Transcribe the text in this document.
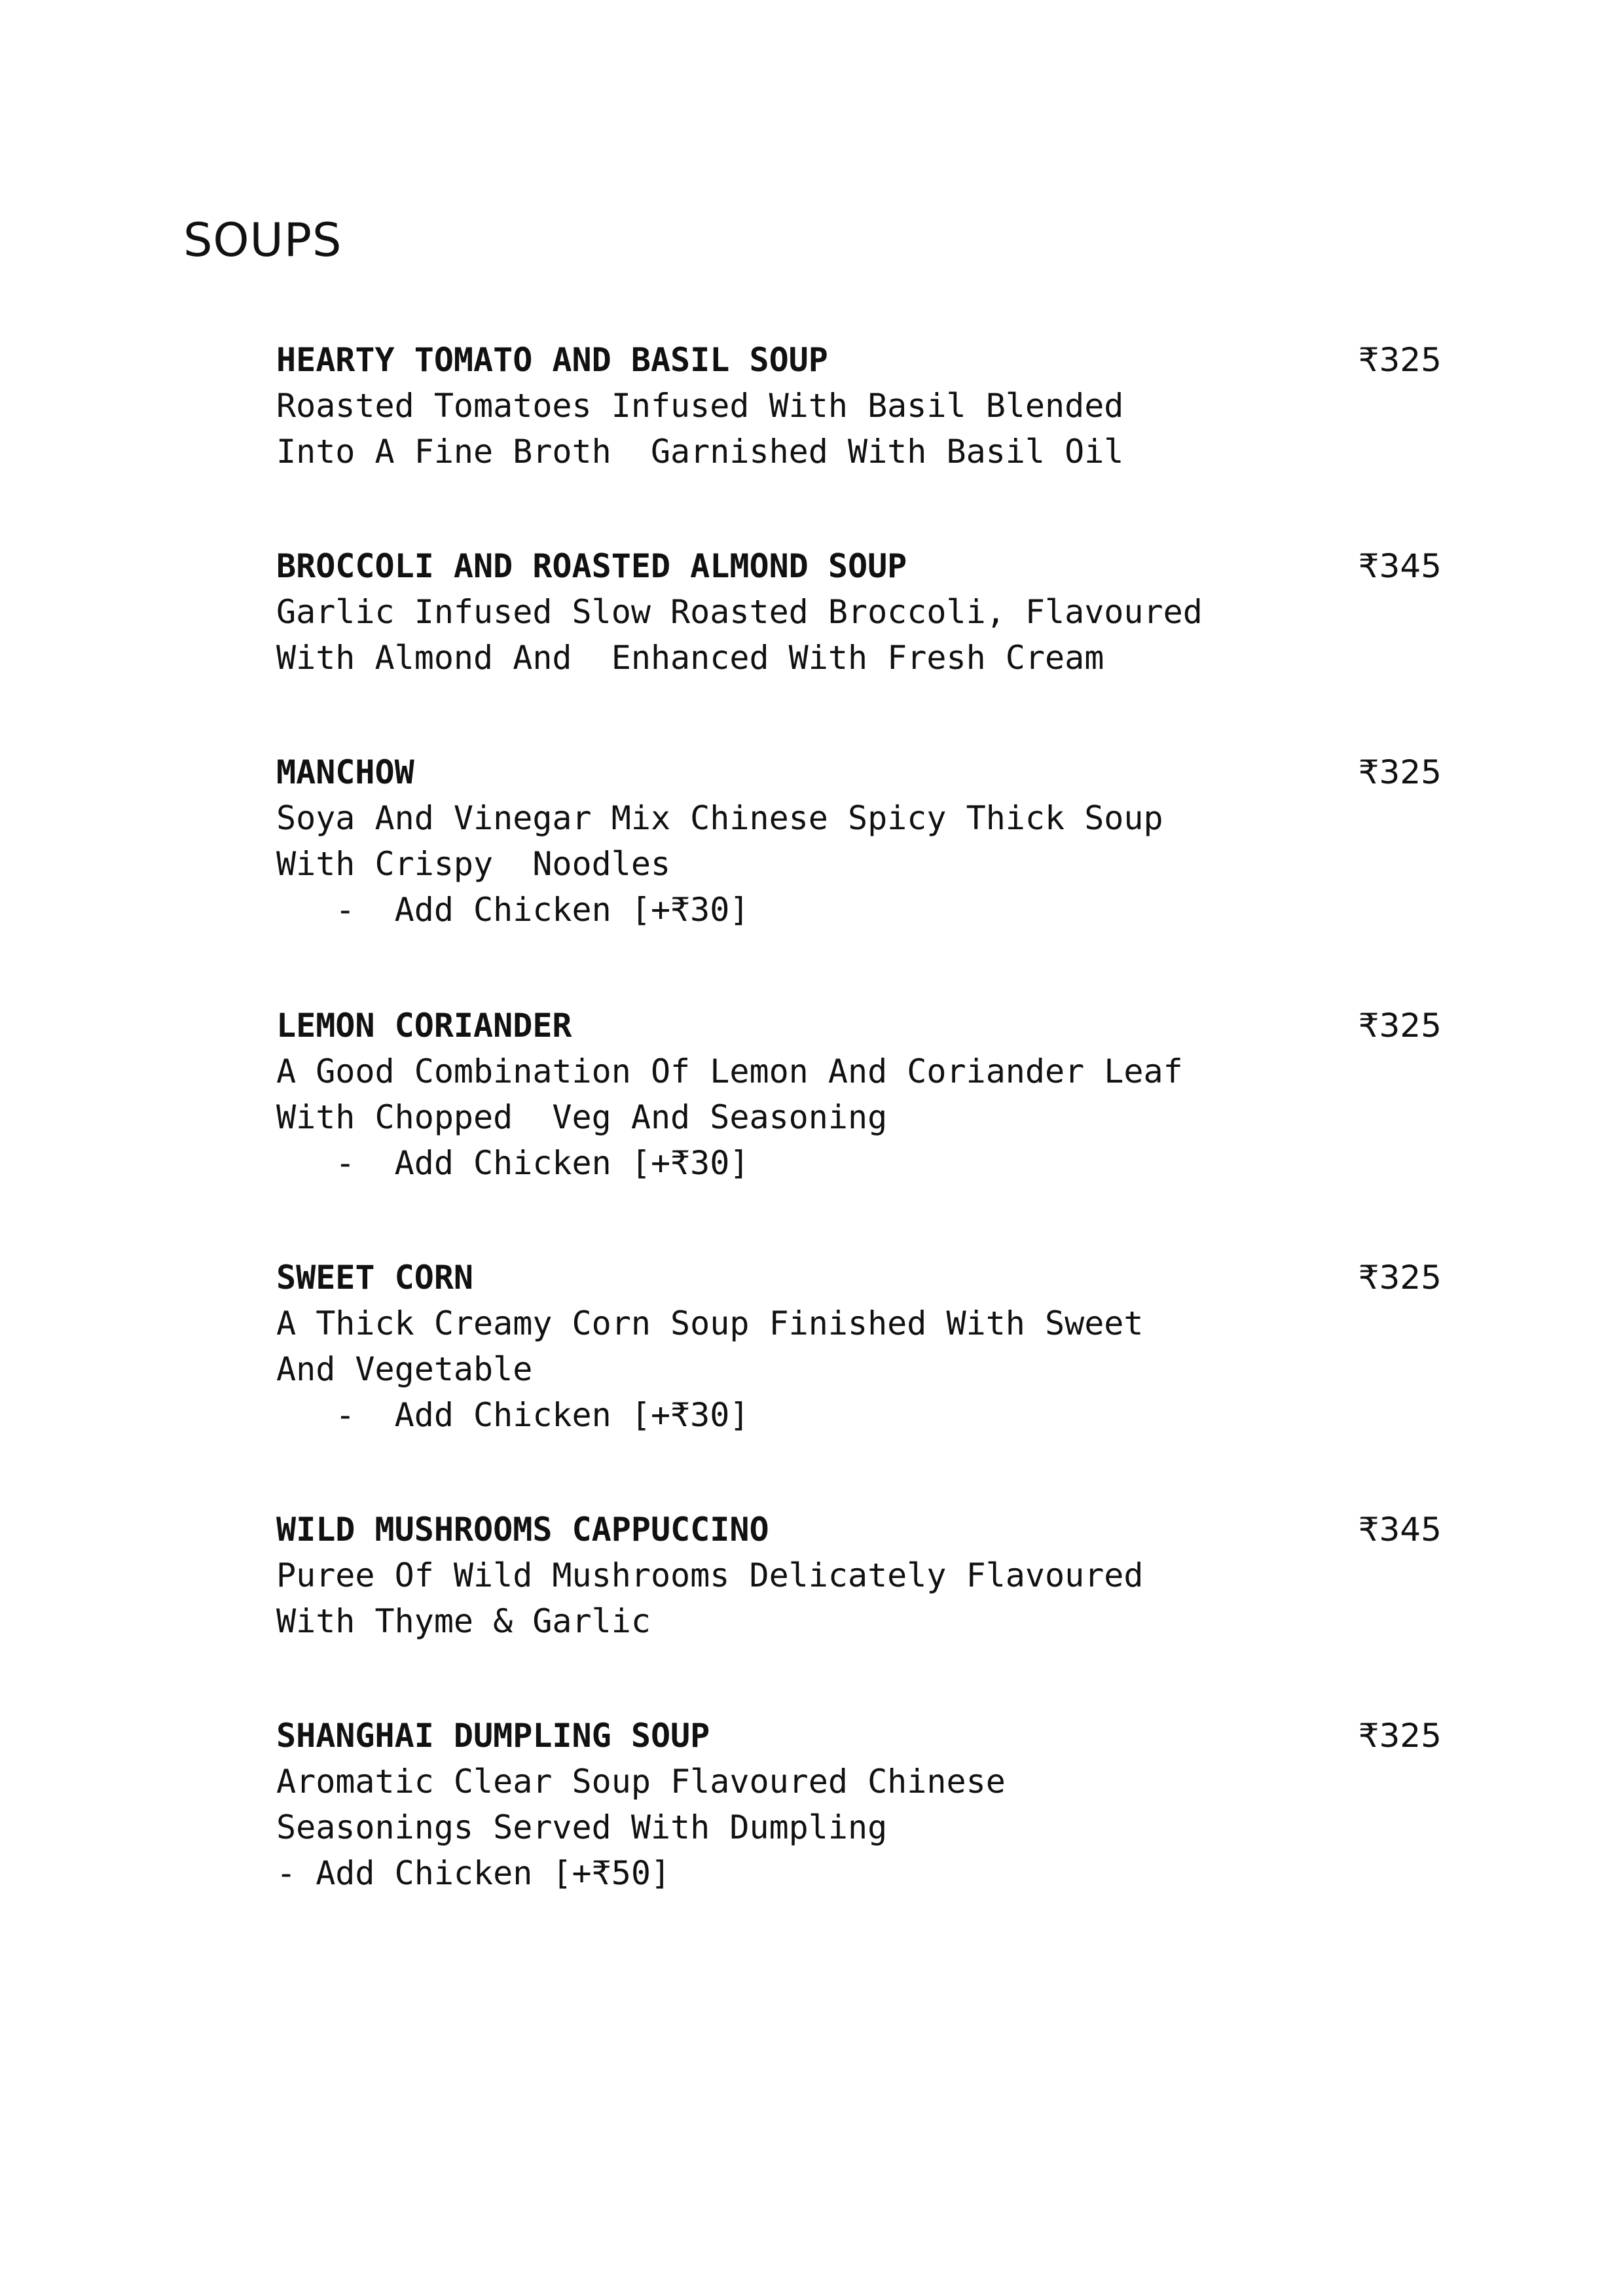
SOUPS
HEARTY TOMATO AND BASIL SOUP	₹325
Roasted Tomatoes Infused With Basil Blended
Into A Fine Broth  Garnished With Basil Oil
BROCCOLI AND ROASTED ALMOND SOUP	₹345
Garlic Infused Slow Roasted Broccoli, Flavoured
With Almond And  Enhanced With Fresh Cream
MANCHOW	₹325
Soya And Vinegar Mix Chinese Spicy Thick Soup
With Crispy  Noodles
-  Add Chicken [+₹30]
LEMON CORIANDER	₹325
A Good Combination Of Lemon And Coriander Leaf
With Chopped  Veg And Seasoning
-  Add Chicken [+₹30]
SWEET CORN	₹325
A Thick Creamy Corn Soup Finished With Sweet
And Vegetable
-  Add Chicken [+₹30]
WILD MUSHROOMS CAPPUCCINO	₹345
Puree Of Wild Mushrooms Delicately Flavoured
With Thyme & Garlic
SHANGHAI DUMPLING SOUP	₹325
Aromatic Clear Soup Flavoured Chinese
Seasonings Served With Dumpling
- Add Chicken [+₹50]
